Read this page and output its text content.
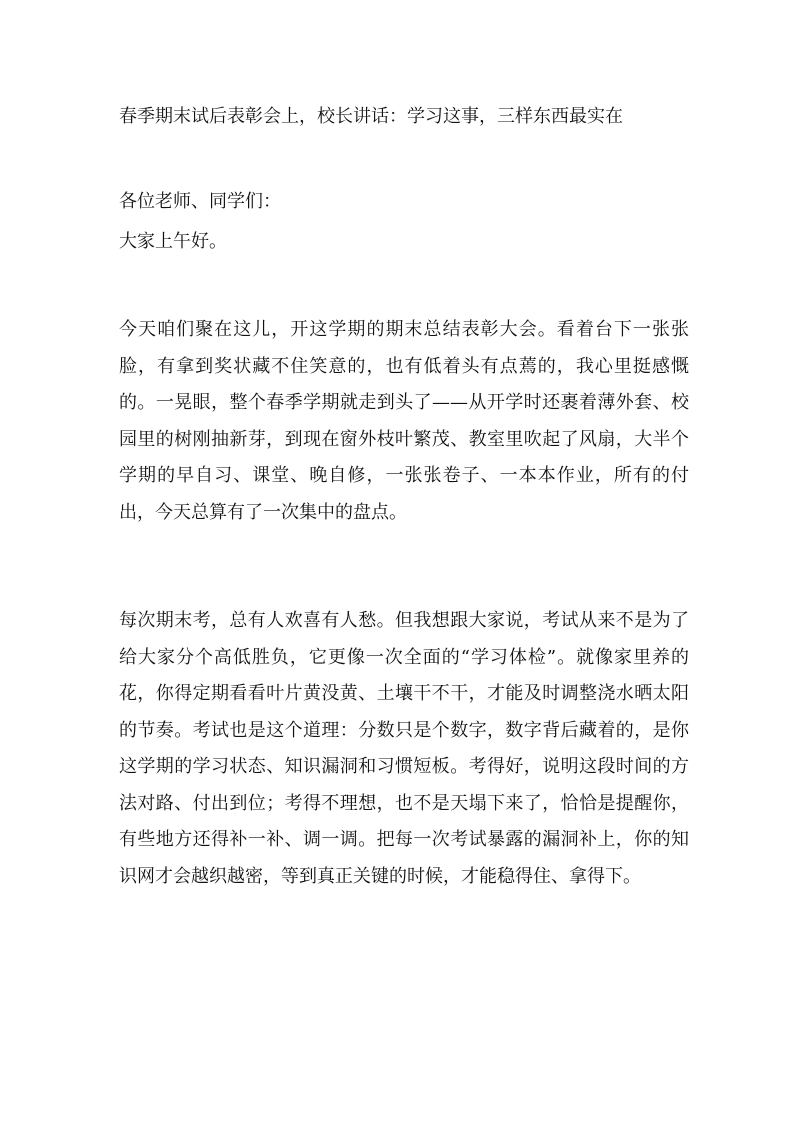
春季期末试后表彰会上，校长讲话：学习这事，三样东西最实在

各位老师、同学们：

大家上午好。

今天咱们聚在这儿，开这学期的期末总结表彰大会。看着台下一张张脸，有拿到奖状藏不住笑意的，也有低着头有点蔫的，我心里挺感慨的。一晃眼，整个春季学期就走到头了——从开学时还裹着薄外套、校园里的树刚抽新芽，到现在窗外枝叶繁茂、教室里吹起了风扇，大半个学期的早自习、课堂、晚自修，一张张卷子、一本本作业，所有的付出，今天总算有了一次集中的盘点。

每次期末考，总有人欢喜有人愁。但我想跟大家说，考试从来不是为了给大家分个高低胜负，它更像一次全面的“学习体检”。就像家里养的花，你得定期看看叶片黄没黄、土壤干不干，才能及时调整浇水晒太阳的节奏。考试也是这个道理：分数只是个数字，数字背后藏着的，是你这学期的学习状态、知识漏洞和习惯短板。考得好，说明这段时间的方法对路、付出到位；考得不理想，也不是天塌下来了，恰恰是提醒你，有些地方还得补一补、调一调。把每一次考试暴露的漏洞补上，你的知识网才会越织越密，等到真正关键的时候，才能稳得住、拿得下。
